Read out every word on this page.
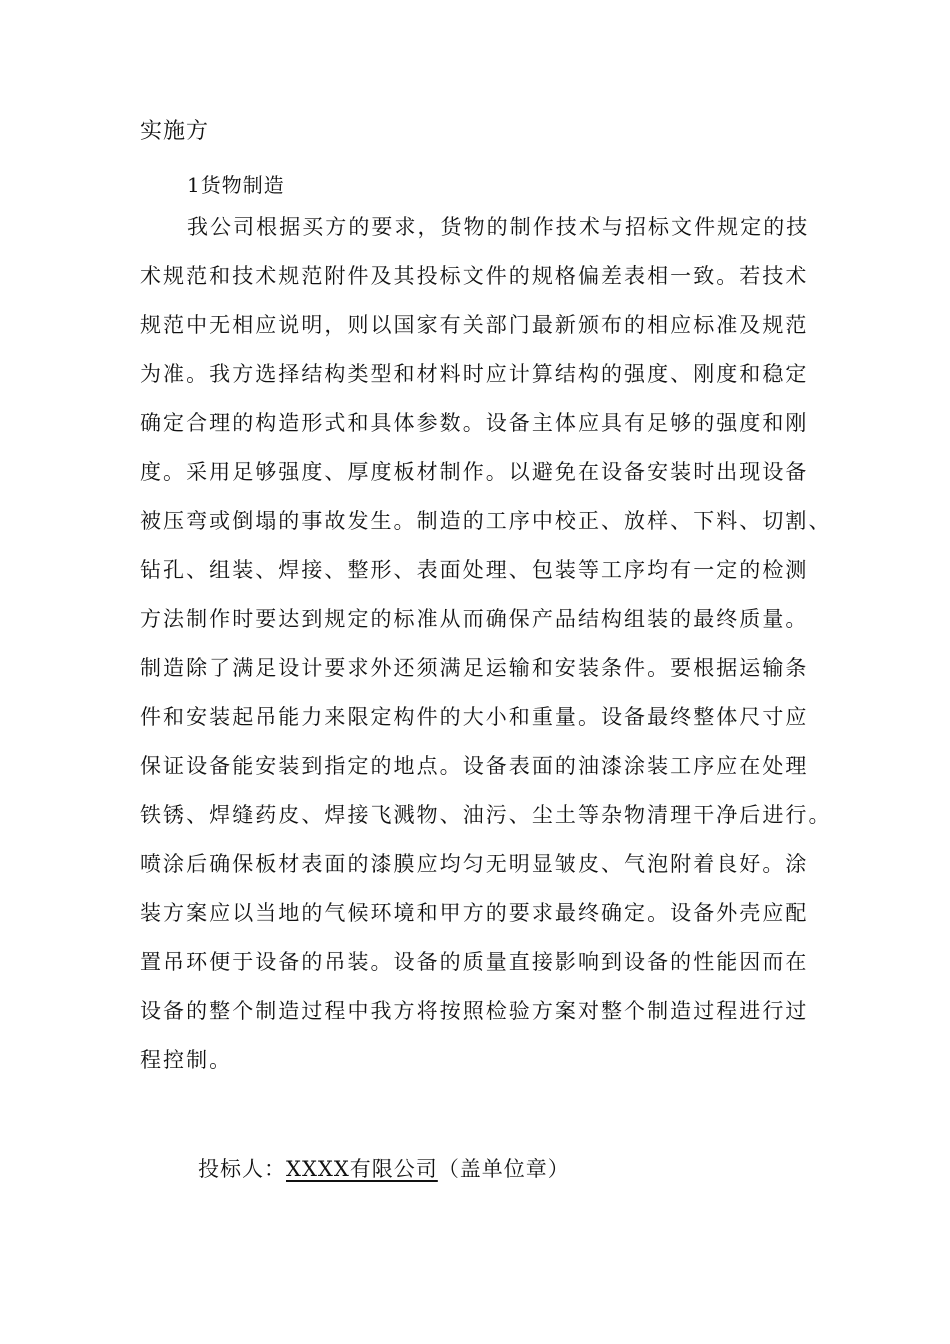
实施方
1货物制造
我公司根据买方的要求，货物的制作技术与招标文件规定的技
术规范和技术规范附件及其投标文件的规格偏差表相一致。若技术
规范中无相应说明，则以国家有关部门最新颁布的相应标准及规范
为准。我方选择结构类型和材料时应计算结构的强度、刚度和稳定
确定合理的构造形式和具体参数。设备主体应具有足够的强度和刚
度。采用足够强度、厚度板材制作。以避免在设备安装时出现设备
被压弯或倒塌的事故发生。制造的工序中校正、放样、下料、切割、
钻孔、组装、焊接、整形、表面处理、包装等工序均有一定的检测
方法制作时要达到规定的标准从而确保产品结构组装的最终质量。
制造除了满足设计要求外还须满足运输和安装条件。要根据运输条
件和安装起吊能力来限定构件的大小和重量。设备最终整体尺寸应
保证设备能安装到指定的地点。设备表面的油漆涂装工序应在处理
铁锈、焊缝药皮、焊接飞溅物、油污、尘土等杂物清理干净后进行。
喷涂后确保板材表面的漆膜应均匀无明显皱皮、气泡附着良好。涂
装方案应以当地的气候环境和甲方的要求最终确定。设备外壳应配
置吊环便于设备的吊装。设备的质量直接影响到设备的性能因而在
设备的整个制造过程中我方将按照检验方案对整个制造过程进行过
程控制。
投标人：XXXX有限公司（盖单位章）
